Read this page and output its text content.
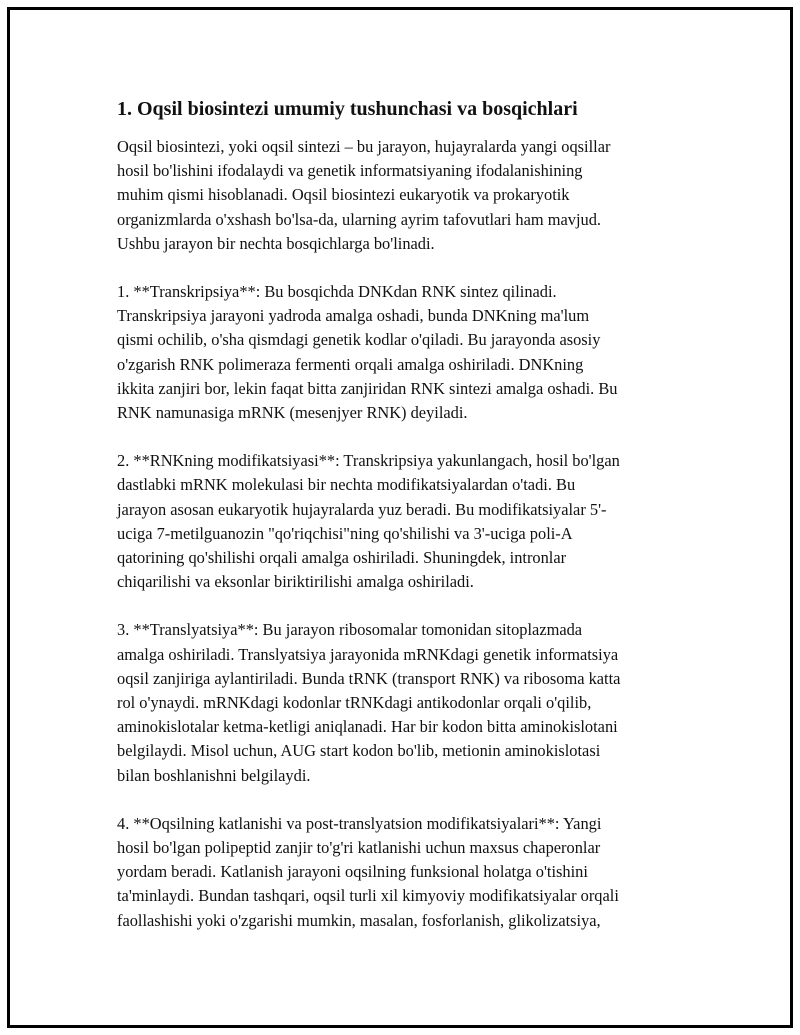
1. Oqsil biosintezi umumiy tushunchasi va bosqichlari

Oqsil biosintezi, yoki oqsil sintezi – bu jarayon, hujayralarda yangi oqsillar
hosil bo'lishini ifodalaydi va genetik informatsiyaning ifodalanishining
muhim qismi hisoblanadi. Oqsil biosintezi eukaryotik va prokaryotik
organizmlarda o'xshash bo'lsa-da, ularning ayrim tafovutlari ham mavjud.
Ushbu jarayon bir nechta bosqichlarga bo'linadi.

1. **Transkripsiya**: Bu bosqichda DNKdan RNK sintez qilinadi.
Transkripsiya jarayoni yadroda amalga oshadi, bunda DNKning ma'lum
qismi ochilib, o'sha qismdagi genetik kodlar o'qiladi. Bu jarayonda asosiy
o'zgarish RNK polimeraza fermenti orqali amalga oshiriladi. DNKning
ikkita zanjiri bor, lekin faqat bitta zanjiridan RNK sintezi amalga oshadi. Bu
RNK namunasiga mRNK (mesenjyer RNK) deyiladi.

2. **RNKning modifikatsiyasi**: Transkripsiya yakunlangach, hosil bo'lgan
dastlabki mRNK molekulasi bir nechta modifikatsiyalardan o'tadi. Bu
jarayon asosan eukaryotik hujayralarda yuz beradi. Bu modifikatsiyalar 5'-
uciga 7-metilguanozin "qo'riqchisi"ning qo'shilishi va 3'-uciga poli-A
qatorining qo'shilishi orqali amalga oshiriladi. Shuningdek, intronlar
chiqarilishi va eksonlar biriktirilishi amalga oshiriladi.

3. **Translyatsiya**: Bu jarayon ribosomalar tomonidan sitoplazmada
amalga oshiriladi. Translyatsiya jarayonida mRNKdagi genetik informatsiya
oqsil zanjiriga aylantiriladi. Bunda tRNK (transport RNK) va ribosoma katta
rol o'ynaydi. mRNKdagi kodonlar tRNKdagi antikodonlar orqali o'qilib,
aminokislotalar ketma-ketligi aniqlanadi. Har bir kodon bitta aminokislotani
belgilaydi. Misol uchun, AUG start kodon bo'lib, metionin aminokislotasi
bilan boshlanishni belgilaydi.

4. **Oqsilning katlanishi va post-translyatsion modifikatsiyalari**: Yangi
hosil bo'lgan polipeptid zanjir to'g'ri katlanishi uchun maxsus chaperonlar
yordam beradi. Katlanish jarayoni oqsilning funksional holatga o'tishini
ta'minlaydi. Bundan tashqari, oqsil turli xil kimyoviy modifikatsiyalar orqali
faollashishi yoki o'zgarishi mumkin, masalan, fosforlanish, glikolizatsiya,
